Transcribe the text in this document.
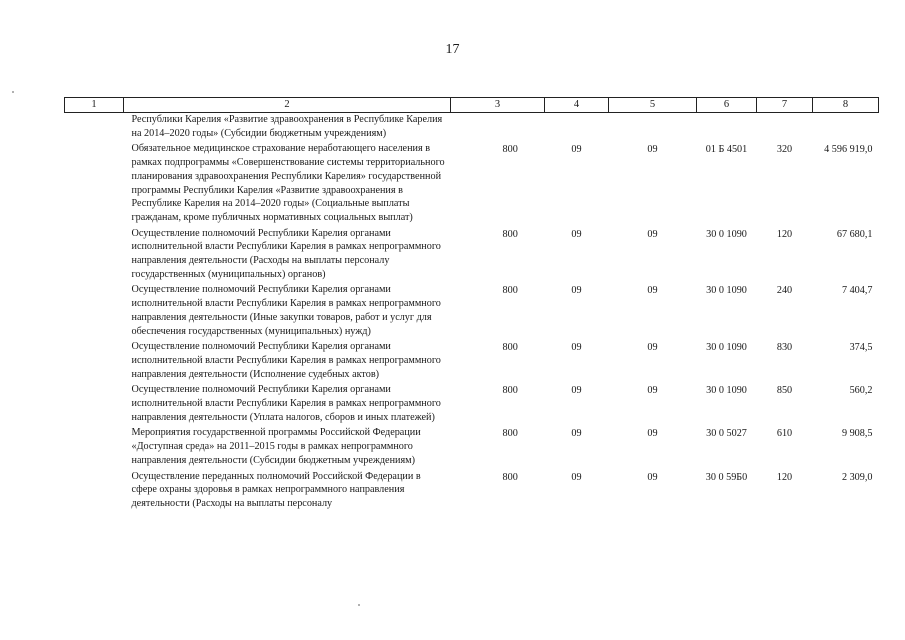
17
1	2	3	4	5	6	7	8
Республики Карелия «Развитие здравоохранения в Республике Карелия на 2014–2020 годы» (Субсидии бюджетным учреждениям)							
Обязательное медицинское страхование неработающего населения в рамках подпрограммы «Совершенствование системы территориального планирования здравоохранения Республики Карелия» государственной программы Республики Карелия «Развитие здравоохранения в Республике Карелия на 2014–2020 годы» (Социальные выплаты гражданам, кроме публичных нормативных социальных выплат)		800	09	09	01 Б 4501	320	4 596 919,0
Осуществление полномочий Республики Карелия органами исполнительной власти Республики Карелия в рамках непрограммного направления деятельности (Расходы на выплаты персоналу государственных (муниципальных) органов)		800	09	09	30 0 1090	120	67 680,1
Осуществление полномочий Республики Карелия органами исполнительной власти Республики Карелия в рамках непрограммного направления деятельности (Иные закупки товаров, работ и услуг для обеспечения государственных (муниципальных) нужд)		800	09	09	30 0 1090	240	7 404,7
Осуществление полномочий Республики Карелия органами исполнительной власти Республики Карелия в рамках непрограммного направления деятельности (Исполнение судебных актов)		800	09	09	30 0 1090	830	374,5
Осуществление полномочий Республики Карелия органами исполнительной власти Республики Карелия в рамках непрограммного направления деятельности (Уплата налогов, сборов и иных платежей)		800	09	09	30 0 1090	850	560,2
Мероприятия государственной программы Российской Федерации «Доступная среда» на 2011–2015 годы в рамках непрограммного направления деятельности (Субсидии бюджетным учреждениям)		800	09	09	30 0 5027	610	9 908,5
Осуществление переданных полномочий Российской Федерации в сфере охраны здоровья в рамках непрограммного направления деятельности (Расходы на выплаты персоналу		800	09	09	30 0 59Б0	120	2 309,0
